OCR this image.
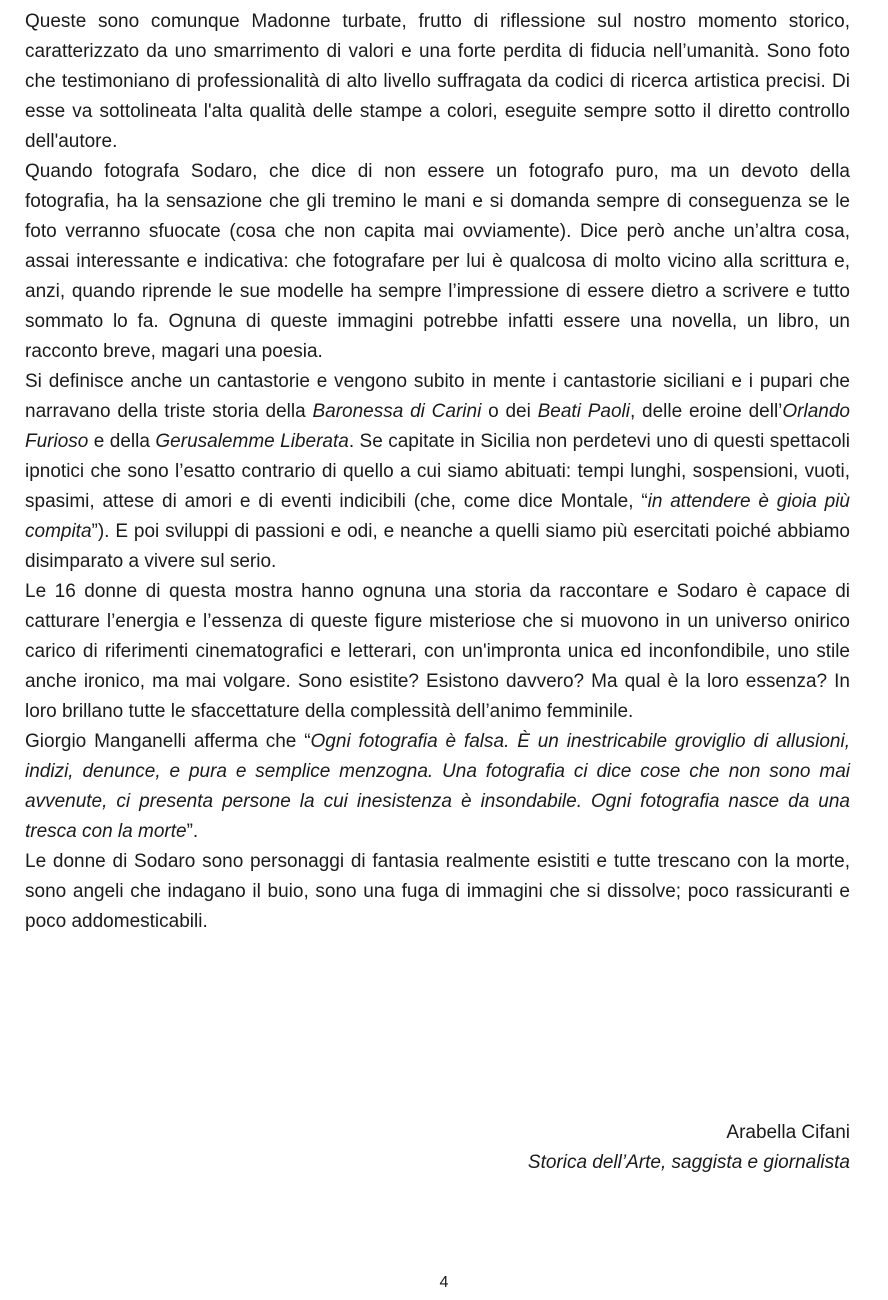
Queste sono comunque Madonne turbate, frutto di riflessione sul nostro momento storico, caratterizzato da uno smarrimento di valori e una forte perdita di fiducia nell’umanità. Sono foto che testimoniano di professionalità di alto livello suffragata da codici di ricerca artistica precisi. Di esse va sottolineata l'alta qualità delle stampe a colori, eseguite sempre sotto il diretto controllo dell'autore.

Quando fotografa Sodaro, che dice di non essere un fotografo puro, ma un devoto della fotografia, ha la sensazione che gli tremino le mani e si domanda sempre di conseguenza se le foto verranno sfuocate (cosa che non capita mai ovviamente). Dice però anche un’altra cosa, assai interessante e indicativa: che fotografare per lui è qualcosa di molto vicino alla scrittura e, anzi, quando riprende le sue modelle ha sempre l’impressione di essere dietro a scrivere e tutto sommato lo fa. Ognuna di queste immagini potrebbe infatti essere una novella, un libro, un racconto breve, magari una poesia.

Si definisce anche un cantastorie e vengono subito in mente i cantastorie siciliani e i pupari che narravano della triste storia della Baronessa di Carini o dei Beati Paoli, delle eroine dell’Orlando Furioso e della Gerusalemme Liberata. Se capitate in Sicilia non perdetevi uno di questi spettacoli ipnotici che sono l’esatto contrario di quello a cui siamo abituati: tempi lunghi, sospensioni, vuoti, spasimi, attese di amori e di eventi indicibili (che, come dice Montale, “in attendere è gioia più compita”). E poi sviluppi di passioni e odi, e neanche a quelli siamo più esercitati poiché abbiamo disimparato a vivere sul serio.

Le 16 donne di questa mostra hanno ognuna una storia da raccontare e Sodaro è capace di catturare l’energia e l’essenza di queste figure misteriose che si muovono in un universo onirico carico di riferimenti cinematografici e letterari, con un'impronta unica ed inconfondibile, uno stile anche ironico, ma mai volgare. Sono esistite? Esistono davvero? Ma qual è la loro essenza? In loro brillano tutte le sfaccettature della complessità dell’animo femminile.

Giorgio Manganelli afferma che “Ogni fotografia è falsa. È un inestricabile groviglio di allusioni, indizi, denunce, e pura e semplice menzogna. Una fotografia ci dice cose che non sono mai avvenute, ci presenta persone la cui inesistenza è insondabile. Ogni fotografia nasce da una tresca con la morte”.

Le donne di Sodaro sono personaggi di fantasia realmente esistiti e tutte trescano con la morte, sono angeli che indagano il buio, sono una fuga di immagini che si dissolve; poco rassicuranti e poco addomesticabili.

Arabella Cifani
Storica dell’Arte, saggista e giornalista
4
